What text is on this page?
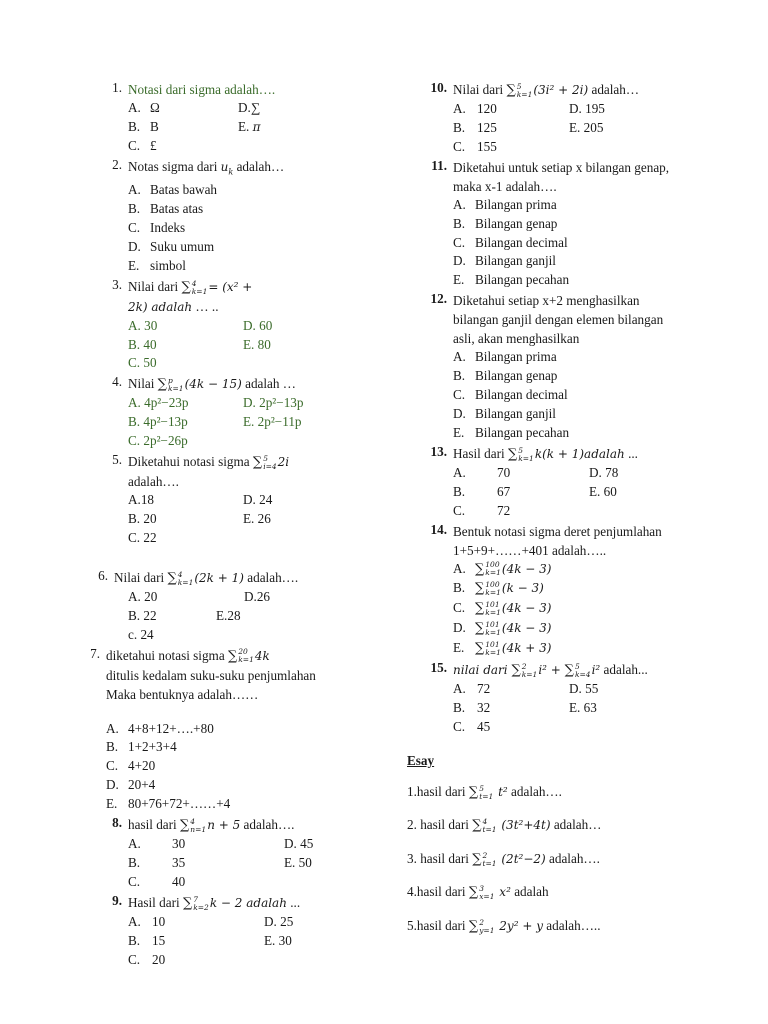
1. Notasi dari sigma adalah….
A. Ω	D.∑
B. B	E. π
C. £
2. Notas sigma dari $u_k$ adalah…
A. Batas bawah
B. Batas atas
C. Indeks
D. Suku umum
E. simbol
3. Nilai dari ∑ 4
k=1 = (x² +
2k) adalah … ..
A. 30	D. 60
B. 40	E. 80
C. 50
4. Nilai ∑ p
k=1 (4k − 15) adalah …
A. 4p²−23p	D. 2p²−13p
B. 4p²−13p	E. 2p²−11p
C. 2p²−26p
5. Diketahui notasi sigma ∑ 5
i=4 2i
adalah….
A.18	D. 24
B. 20	E. 26
C. 22
6. Nilai dari ∑ 4
k=1 (2k + 1) adalah….
A. 20	D.26
B. 22	E.28
c. 24
7. diketahui notasi sigma ∑ 20
k=1 4k
ditulis kedalam suku-suku penjumlahan
Maka bentuknya adalah……
A. 4+8+12+….+80
B. 1+2+3+4
C. 4+20
D. 20+4
E. 80+76+72+……+4
8. hasil dari ∑ 4
n=1 n + 5 adalah….
A. 30	D. 45
B. 35	E. 50
C. 40
9. Hasil dari ∑ 7
k=2 k − 2 adalah ...
A. 10	D. 25
B. 15	E. 30
C. 20
10. Nilai dari ∑ 5
k=1 (3i² + 2i) adalah…
A. 120	D. 195
B. 125	E. 205
C. 155
11. Diketahui untuk setiap x bilangan genap,
maka x-1 adalah….
A. Bilangan prima
B. Bilangan genap
C. Bilangan decimal
D. Bilangan ganjil
E. Bilangan pecahan
12. Diketahui setiap x+2 menghasilkan
bilangan ganjil dengan elemen bilangan
asli, akan menghasilkan
A. Bilangan prima
B. Bilangan genap
C. Bilangan decimal
D. Bilangan ganjil
E. Bilangan pecahan
13. Hasil dari ∑ 5
k=1 k(k + 1)adalah ...
A. 70	D. 78
B. 67	E. 60
C. 72
14. Bentuk notasi sigma deret penjumlahan
1+5+9+……+401 adalah…..
A. ∑ 100
k=1 (4k − 3)
B. ∑ 100
k=1 (k − 3)
C. ∑ 101
k=1 (4k − 3)
D. ∑ 101
k=1 (4k − 3)
E. ∑ 101
k=1 (4k + 3)
15. nilai dari ∑ 2
k=1 i² + ∑ 5
k=4 i² adalah...
A. 72	D. 55
B. 32	E. 63
C. 45
Esay
1.hasil dari ∑ 5
t=1 t² adalah….
2. hasil dari ∑ 4
t=1 (3t²+4t) adalah…
3. hasil dari ∑ 2
t=1 (2t²−2) adalah….
4.hasil dari ∑ 3
x=1 x² adalah
5.hasil dari ∑ 2
y=1 2y² + y adalah…..
